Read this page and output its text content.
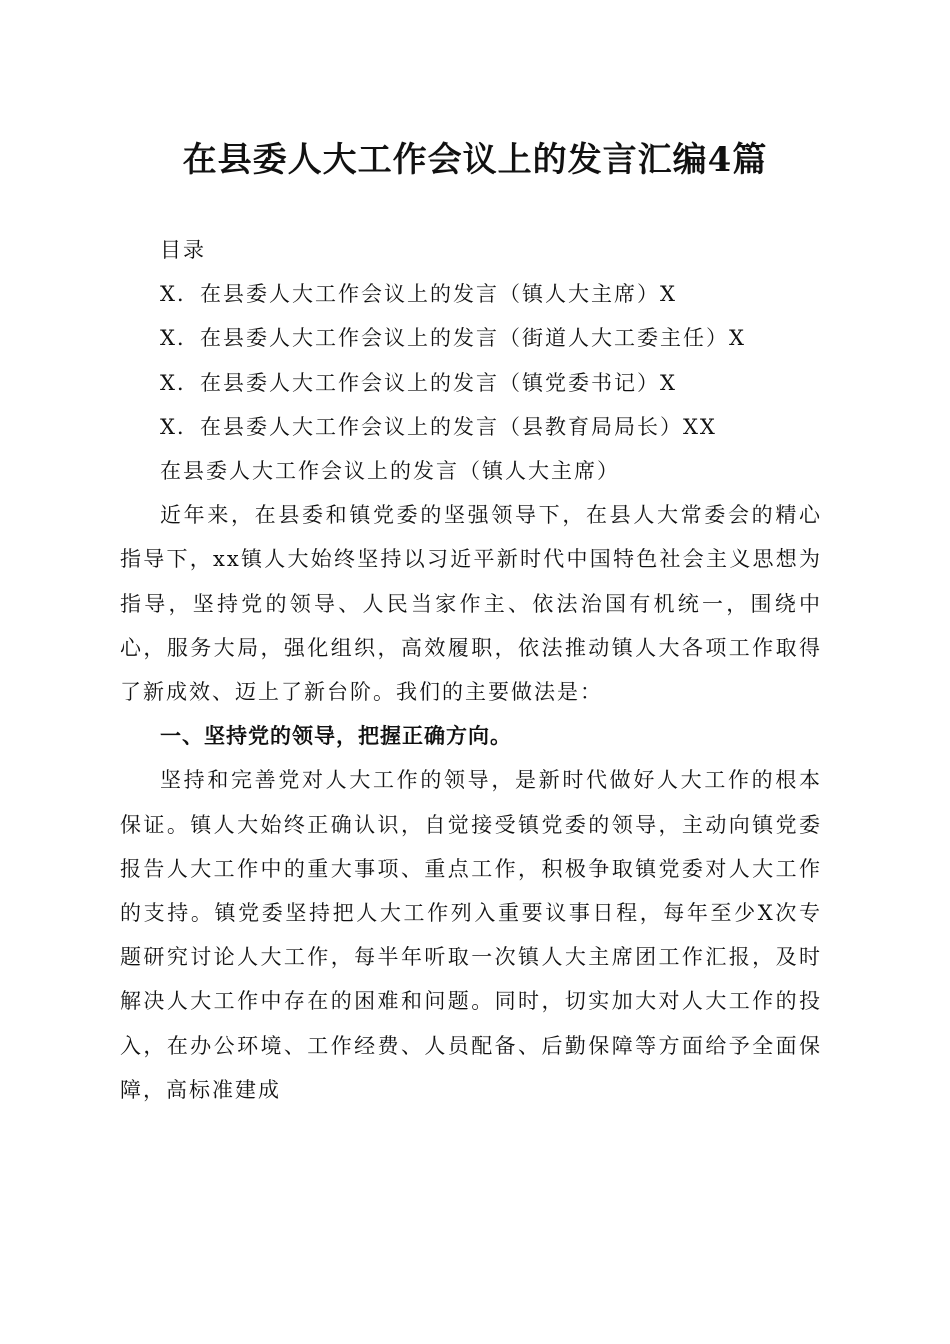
在县委人大工作会议上的发言汇编4篇
目录
X．在县委人大工作会议上的发言（镇人大主席）X
X．在县委人大工作会议上的发言（街道人大工委主任）X
X．在县委人大工作会议上的发言（镇党委书记）X
X．在县委人大工作会议上的发言（县教育局局长）XX
在县委人大工作会议上的发言（镇人大主席）

近年来，在县委和镇党委的坚强领导下，在县人大常委会的精心指导下，xx镇人大始终坚持以习近平新时代中国特色社会主义思想为指导，坚持党的领导、人民当家作主、依法治国有机统一，围绕中心，服务大局，强化组织，高效履职，依法推动镇人大各项工作取得了新成效、迈上了新台阶。我们的主要做法是：

一、坚持党的领导，把握正确方向。

坚持和完善党对人大工作的领导，是新时代做好人大工作的根本保证。镇人大始终正确认识，自觉接受镇党委的领导，主动向镇党委报告人大工作中的重大事项、重点工作，积极争取镇党委对人大工作的支持。镇党委坚持把人大工作列入重要议事日程，每年至少X次专题研究讨论人大工作，每半年听取一次镇人大主席团工作汇报，及时解决人大工作中存在的困难和问题。同时，切实加大对人大工作的投入，在办公环境、工作经费、人员配备、后勤保障等方面给予全面保障，高标准建成
